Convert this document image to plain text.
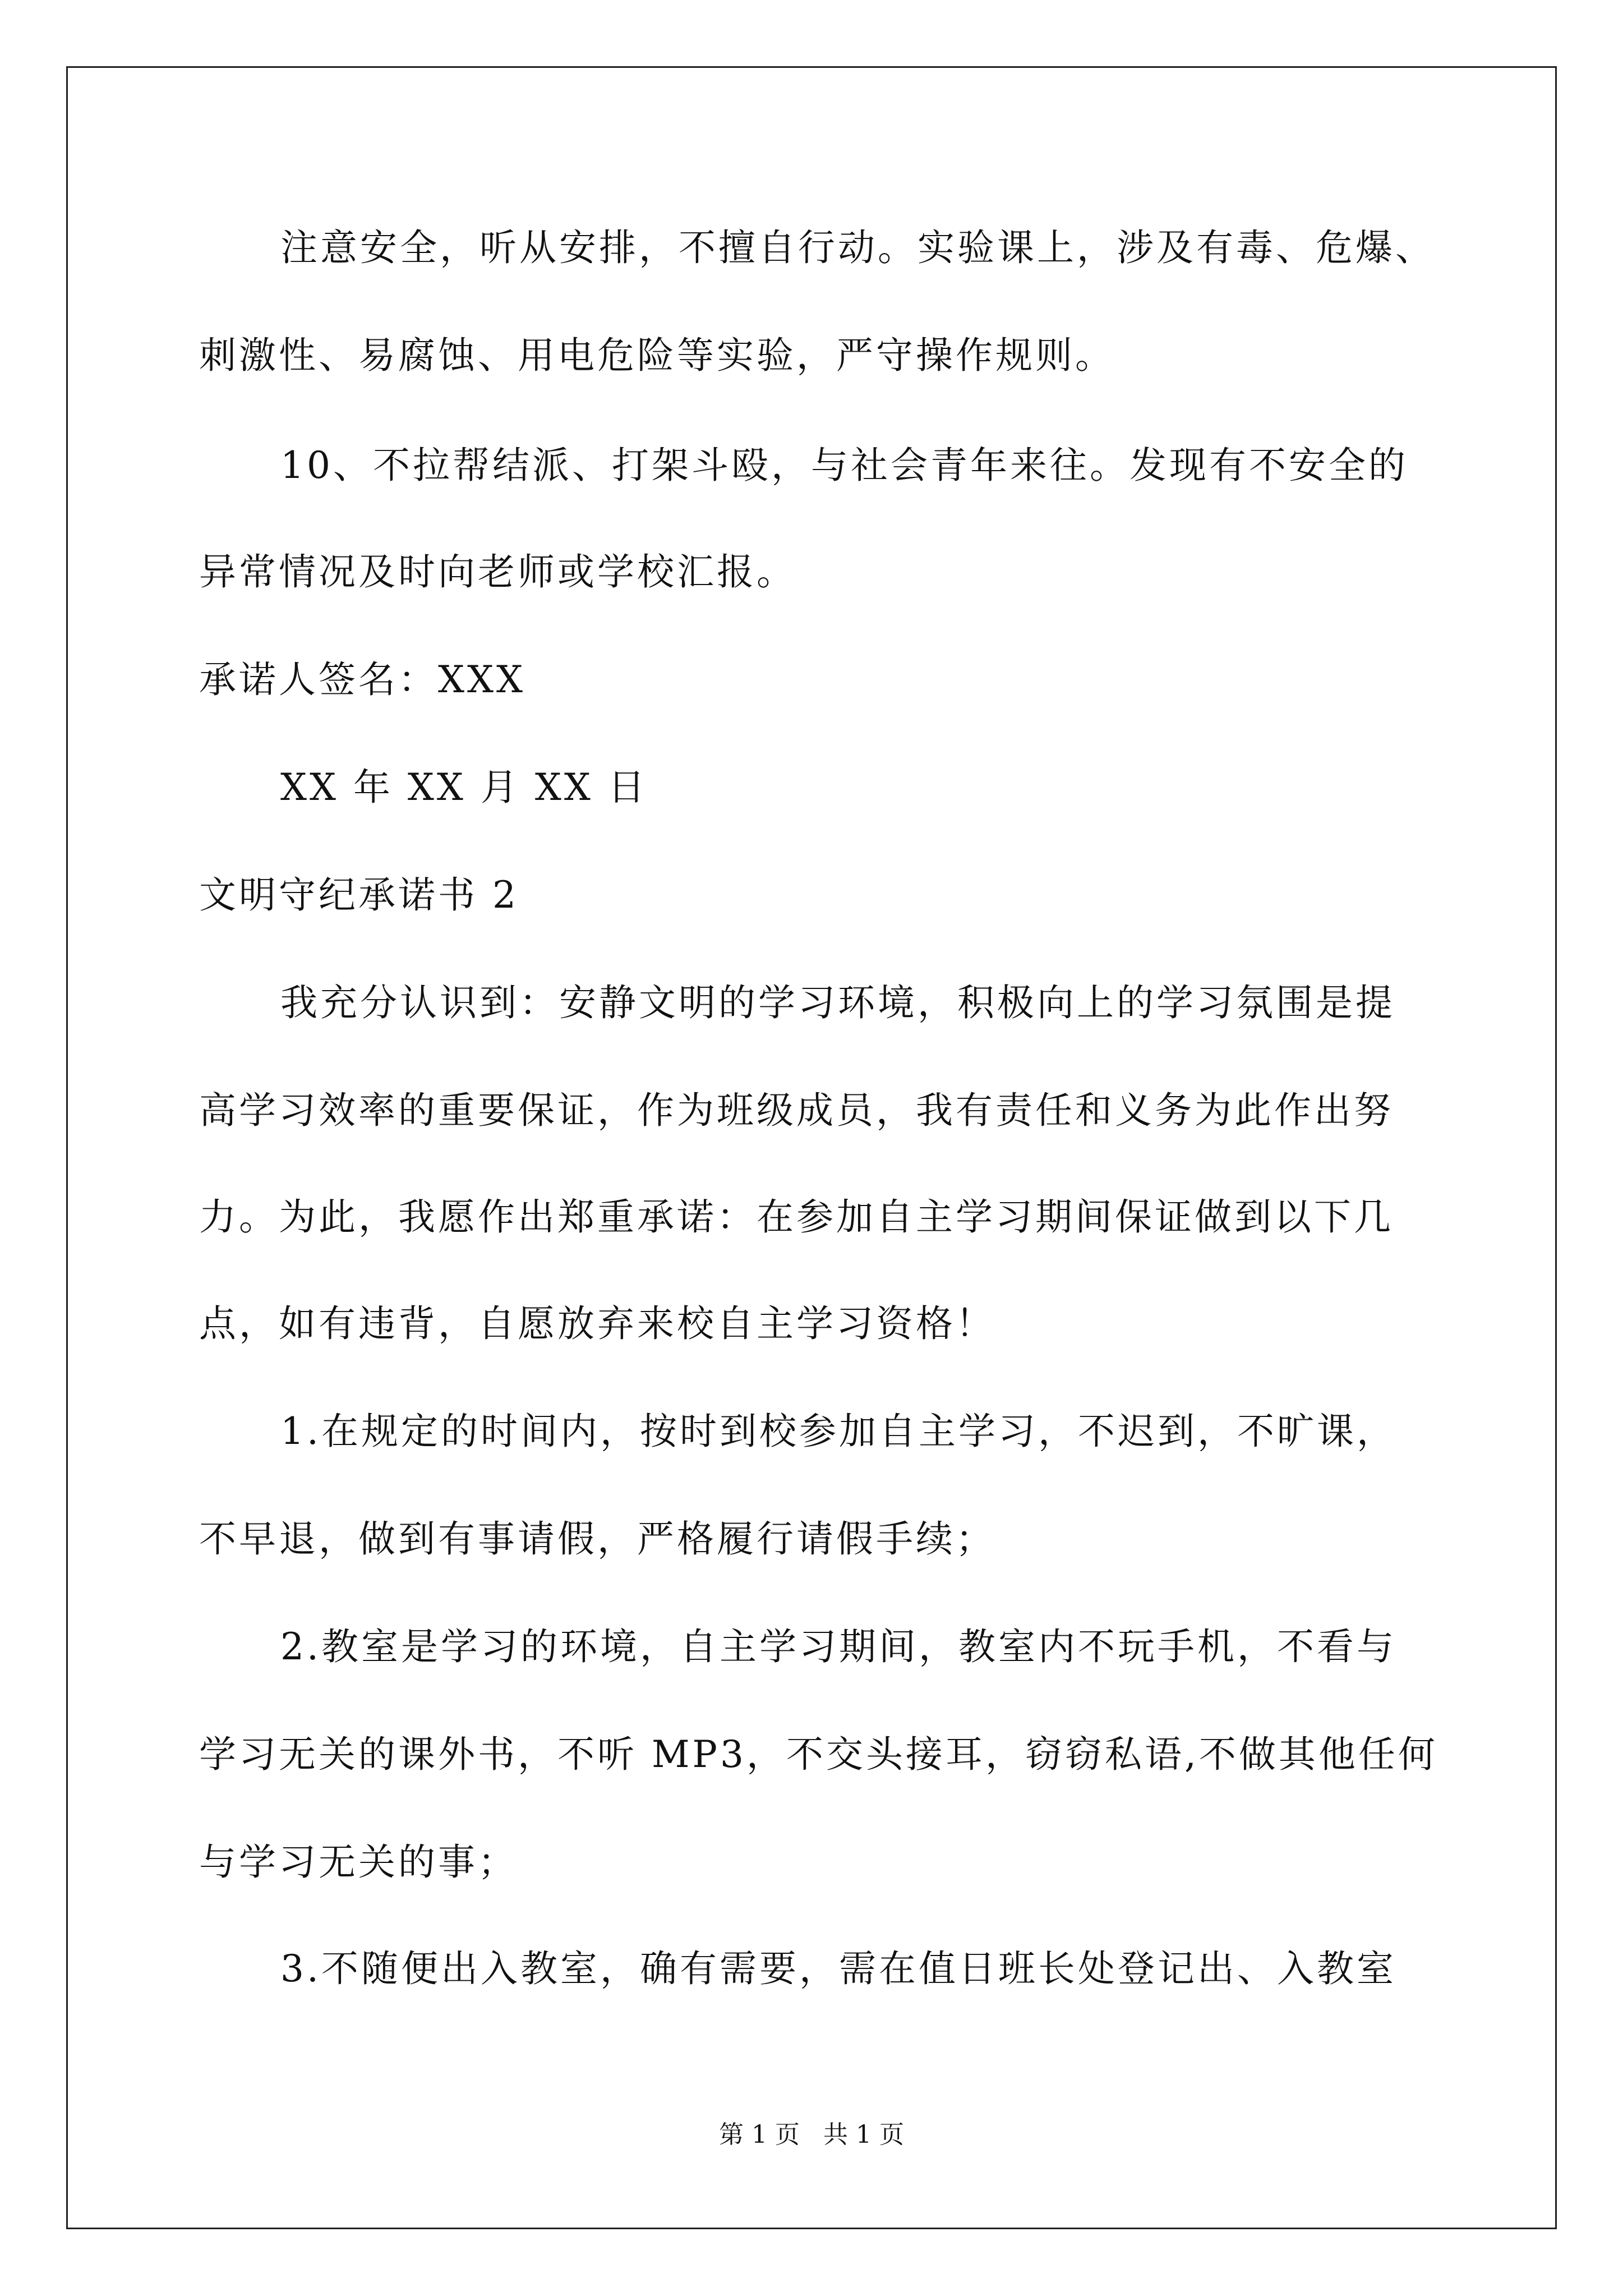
注意安全，听从安排，不擅自行动。实验课上，涉及有毒、危爆、
刺激性、易腐蚀、用电危险等实验，严守操作规则。
10、不拉帮结派、打架斗殴，与社会青年来往。发现有不安全的
异常情况及时向老师或学校汇报。
承诺人签名：XXX
XX 年 XX 月 XX 日
文明守纪承诺书 2
我充分认识到：安静文明的学习环境，积极向上的学习氛围是提
高学习效率的重要保证，作为班级成员，我有责任和义务为此作出努
力。为此，我愿作出郑重承诺：在参加自主学习期间保证做到以下几
点，如有违背，自愿放弃来校自主学习资格！
1.在规定的时间内，按时到校参加自主学习，不迟到，不旷课，
不早退，做到有事请假，严格履行请假手续；
2.教室是学习的环境，自主学习期间，教室内不玩手机，不看与
学习无关的课外书，不听 MP3，不交头接耳，窃窃私语,不做其他任何
与学习无关的事；
3.不随便出入教室，确有需要，需在值日班长处登记出、入教室
第 1 页   共 1 页
